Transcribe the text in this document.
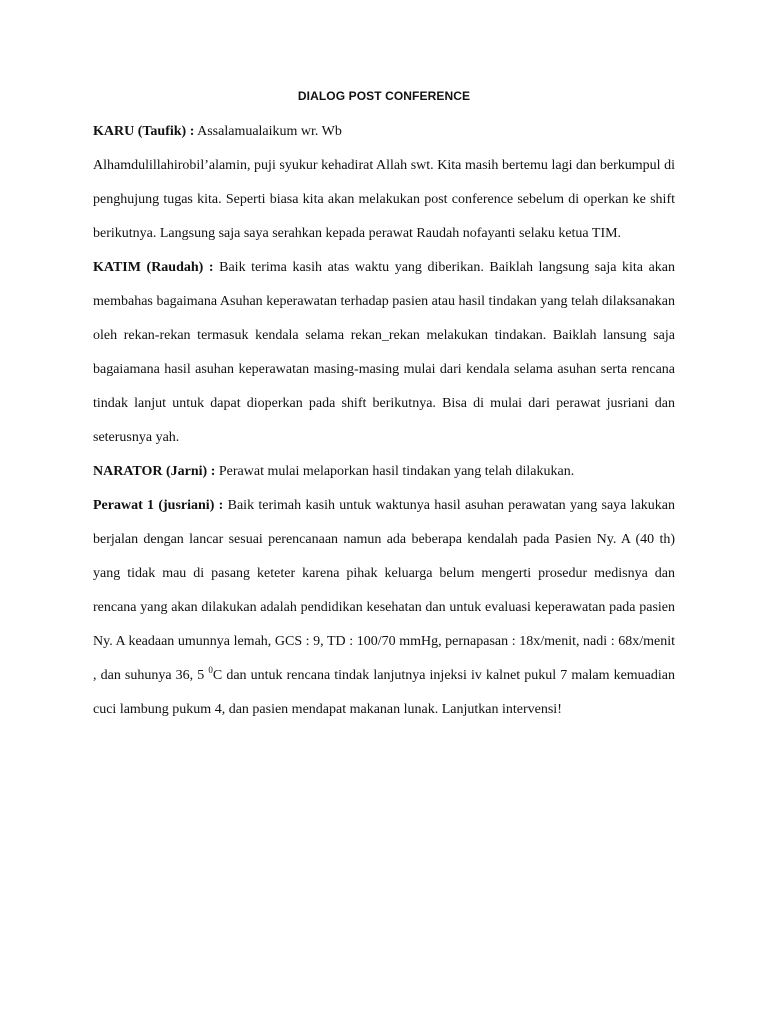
DIALOG POST CONFERENCE

KARU (Taufik) : Assalamualaikum wr. Wb

Alhamdulillahirobil’alamin, puji syukur kehadirat Allah swt. Kita masih bertemu lagi dan berkumpul di penghujung tugas kita. Seperti biasa kita akan melakukan post conference sebelum di operkan ke shift berikutnya. Langsung saja saya serahkan kepada perawat Raudah nofayanti selaku ketua TIM.

KATIM (Raudah) : Baik terima kasih atas waktu yang diberikan. Baiklah langsung saja kita akan membahas bagaimana Asuhan keperawatan terhadap pasien atau hasil tindakan yang telah dilaksanakan oleh rekan-rekan termasuk kendala selama rekan_rekan melakukan tindakan. Baiklah lansung saja bagaiamana hasil asuhan keperawatan masing-masing mulai dari kendala selama asuhan serta rencana tindak lanjut untuk dapat dioperkan pada shift berikutnya. Bisa di mulai dari perawat jusriani dan seterusnya yah.

NARATOR (Jarni) : Perawat mulai melaporkan hasil tindakan yang telah dilakukan.

Perawat 1 (jusriani) : Baik terimah kasih untuk waktunya hasil asuhan perawatan yang saya lakukan berjalan dengan lancar sesuai perencanaan namun ada beberapa kendalah pada Pasien Ny. A (40 th) yang tidak mau di pasang keteter karena pihak keluarga belum mengerti prosedur medisnya dan rencana yang akan dilakukan adalah pendidikan kesehatan dan untuk evaluasi keperawatan pada pasien Ny. A keadaan umunnya lemah, GCS : 9, TD : 100/70 mmHg, pernapasan : 18x/menit, nadi : 68x/menit , dan suhunya 36, 5 $^0$C dan untuk rencana tindak lanjutnya injeksi iv kalnet pukul 7 malam kemuadian cuci lambung pukum 4, dan pasien mendapat makanan lunak. Lanjutkan intervensi!
